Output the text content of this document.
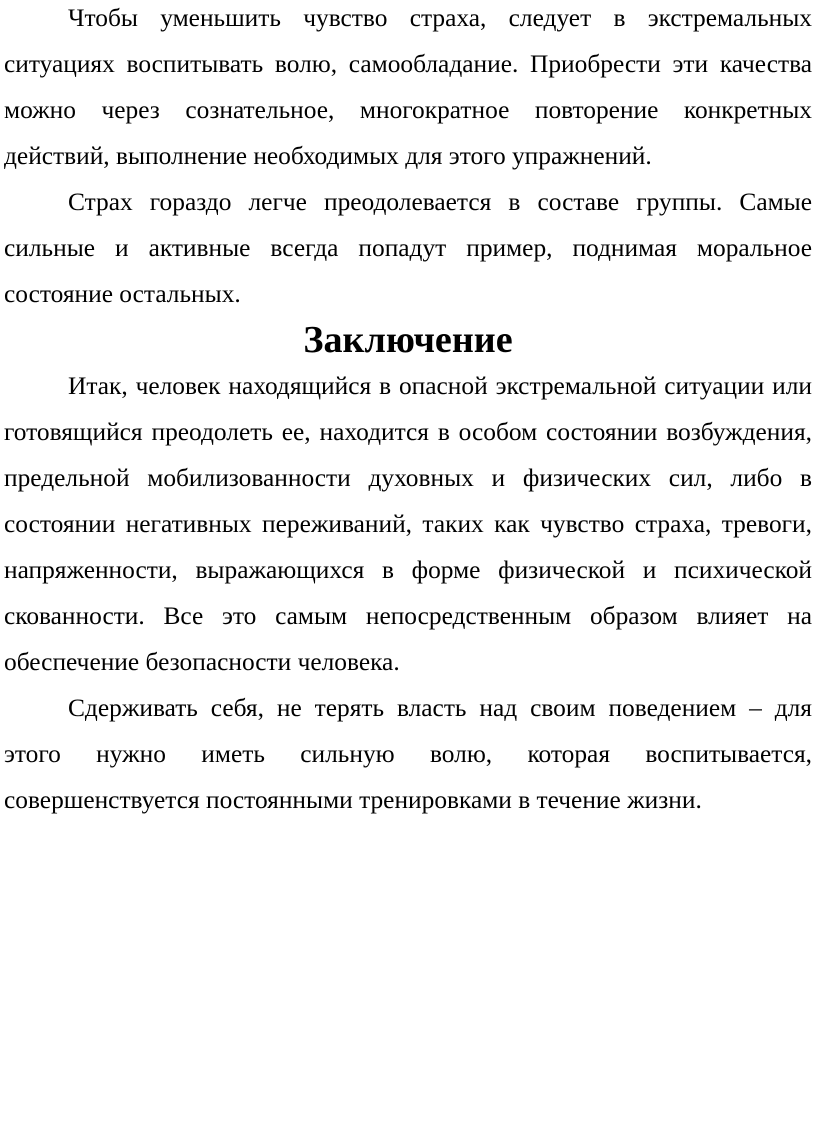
Чтобы уменьшить чувство страха, следует в экстремальных ситуациях воспитывать волю, самообладание. Приобрести эти качества можно через сознательное, многократное повторение конкретных действий, выполнение необходимых для этого упражнений.

Страх гораздо легче преодолевается в составе группы. Самые сильные и активные всегда попадут пример, поднимая моральное состояние остальных.

Заключение

Итак, человек находящийся в опасной экстремальной ситуации или готовящийся преодолеть ее, находится в особом состоянии возбуждения, предельной мобилизованности духовных и физических сил, либо в состоянии негативных переживаний, таких как чувство страха, тревоги, напряженности, выражающихся в форме физической и психической скованности. Все это самым непосредственным образом влияет на обеспечение безопасности человека.

Сдерживать себя, не терять власть над своим поведением – для этого нужно иметь сильную волю, которая воспитывается, совершенствуется постоянными тренировками в течение жизни.
